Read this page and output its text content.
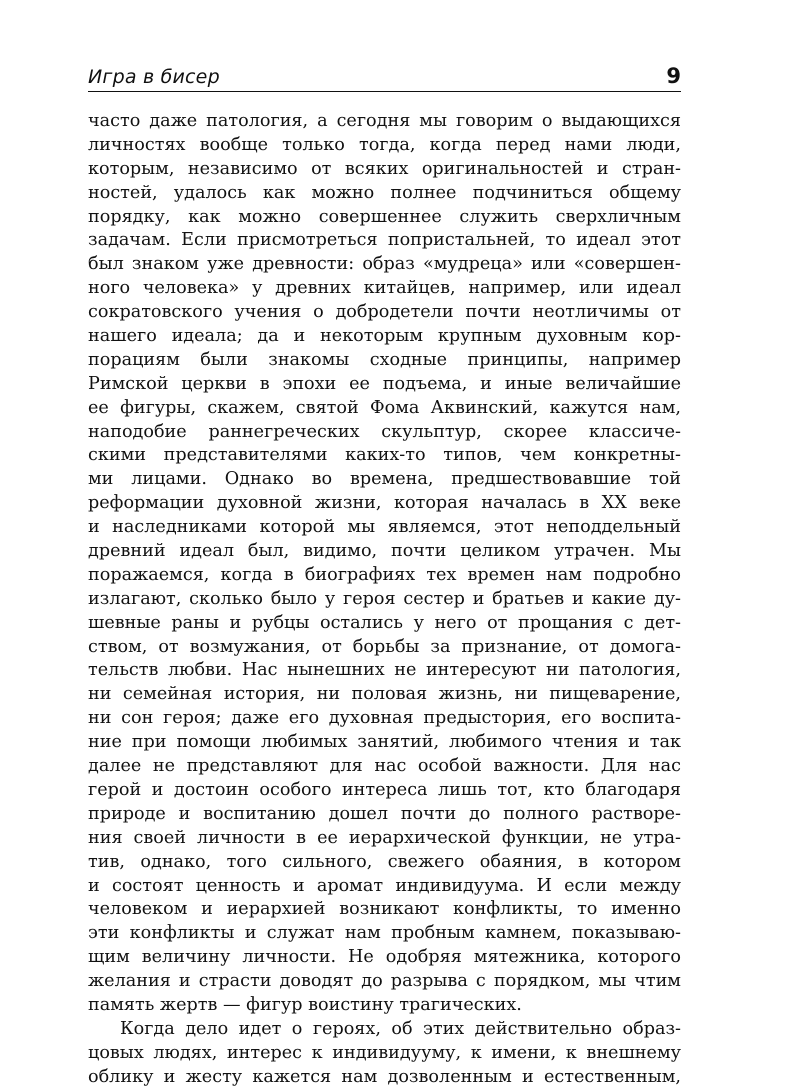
Игра в бисер	9
часто даже патология, а сегодня мы говорим о выдающихся
личностях вообще только тогда, когда перед нами люди,
которым, независимо от всяких оригинальностей и стран-
ностей, удалось как можно полнее подчиниться общему
порядку, как можно совершеннее служить сверхличным
задачам. Если присмотреться попристальней, то идеал этот
был знаком уже древности: образ «мудреца» или «совершен-
ного человека» у древних китайцев, например, или идеал
сократовского учения о добродетели почти неотличимы от
нашего идеала; да и некоторым крупным духовным кор-
порациям были знакомы сходные принципы, например
Римской церкви в эпохи ее подъема, и иные величайшие
ее фигуры, скажем, святой Фома Аквинский, кажутся нам,
наподобие раннегреческих скульптур, скорее классиче-
скими представителями каких-то типов, чем конкретны-
ми лицами. Однако во времена, предшествовавшие той
реформации духовной жизни, которая началась в XX веке
и наследниками которой мы являемся, этот неподдельный
древний идеал был, видимо, почти целиком утрачен. Мы
поражаемся, когда в биографиях тех времен нам подробно
излагают, сколько было у героя сестер и братьев и какие ду-
шевные раны и рубцы остались у него от прощания с дет-
ством, от возмужания, от борьбы за признание, от домога-
тельств любви. Нас нынешних не интересуют ни патология,
ни семейная история, ни половая жизнь, ни пищеварение,
ни сон героя; даже его духовная предыстория, его воспита-
ние при помощи любимых занятий, любимого чтения и так
далее не представляют для нас особой важности. Для нас
герой и достоин особого интереса лишь тот, кто благодаря
природе и воспитанию дошел почти до полного растворе-
ния своей личности в ее иерархической функции, не утра-
тив, однако, того сильного, свежего обаяния, в котором
и состоят ценность и аромат индивидуума. И если между
человеком и иерархией возникают конфликты, то именно
эти конфликты и служат нам пробным камнем, показываю-
щим величину личности. Не одобряя мятежника, которого
желания и страсти доводят до разрыва с порядком, мы чтим
память жертв — фигур воистину трагических.
Когда дело идет о героях, об этих действительно образ-
цовых людях, интерес к индивидууму, к имени, к внешнему
облику и жесту кажется нам дозволенным и естественным,
